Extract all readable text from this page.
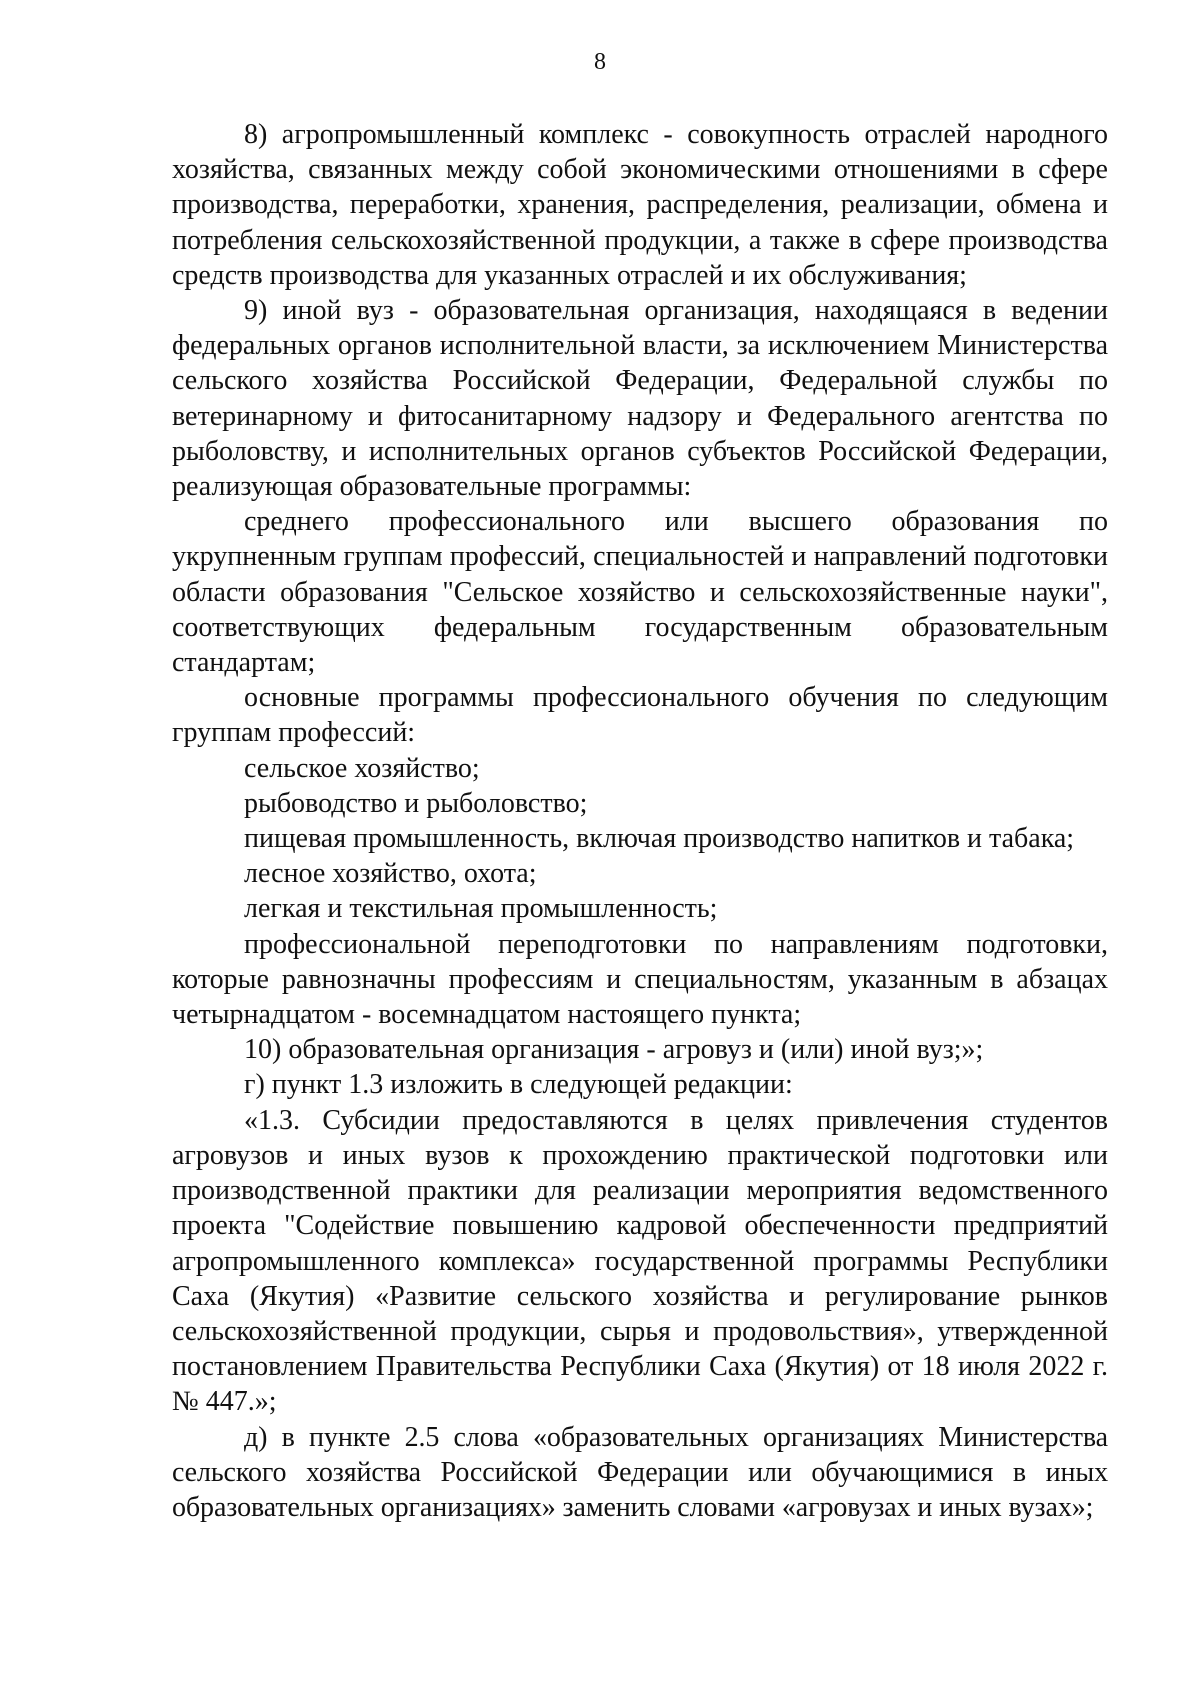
8

8) агропромышленный комплекс - совокупность отраслей народного хозяйства, связанных между собой экономическими отношениями в сфере производства, переработки, хранения, распределения, реализации, обмена и потребления сельскохозяйственной продукции, а также в сфере производства средств производства для указанных отраслей и их обслуживания;

9) иной вуз - образовательная организация, находящаяся в ведении федеральных органов исполнительной власти, за исключением Министерства сельского хозяйства Российской Федерации, Федеральной службы по ветеринарному и фитосанитарному надзору и Федерального агентства по рыболовству, и исполнительных органов субъектов Российской Федерации, реализующая образовательные программы:

среднего профессионального или высшего образования по укрупненным группам профессий, специальностей и направлений подготовки области образования "Сельское хозяйство и сельскохозяйственные науки", соответствующих федеральным государственным образовательным стандартам;

основные программы профессионального обучения по следующим группам профессий:

сельское хозяйство;

рыбоводство и рыболовство;

пищевая промышленность, включая производство напитков и табака;

лесное хозяйство, охота;

легкая и текстильная промышленность;

профессиональной переподготовки по направлениям подготовки, которые равнозначны профессиям и специальностям, указанным в абзацах четырнадцатом - восемнадцатом настоящего пункта;

10) образовательная организация - агровуз и (или) иной вуз;»;

г) пункт 1.3 изложить в следующей редакции:

«1.3. Субсидии предоставляются в целях привлечения студентов агровузов и иных вузов к прохождению практической подготовки или производственной практики для реализации мероприятия ведомственного проекта "Содействие повышению кадровой обеспеченности предприятий агропромышленного комплекса» государственной программы Республики Саха (Якутия) «Развитие сельского хозяйства и регулирование рынков сельскохозяйственной продукции, сырья и продовольствия», утвержденной постановлением Правительства Республики Саха (Якутия) от 18 июля 2022 г. № 447.»;

д) в пункте 2.5 слова «образовательных организациях Министерства сельского хозяйства Российской Федерации или обучающимися в иных образовательных организациях» заменить словами «агровузах и иных вузах»;
